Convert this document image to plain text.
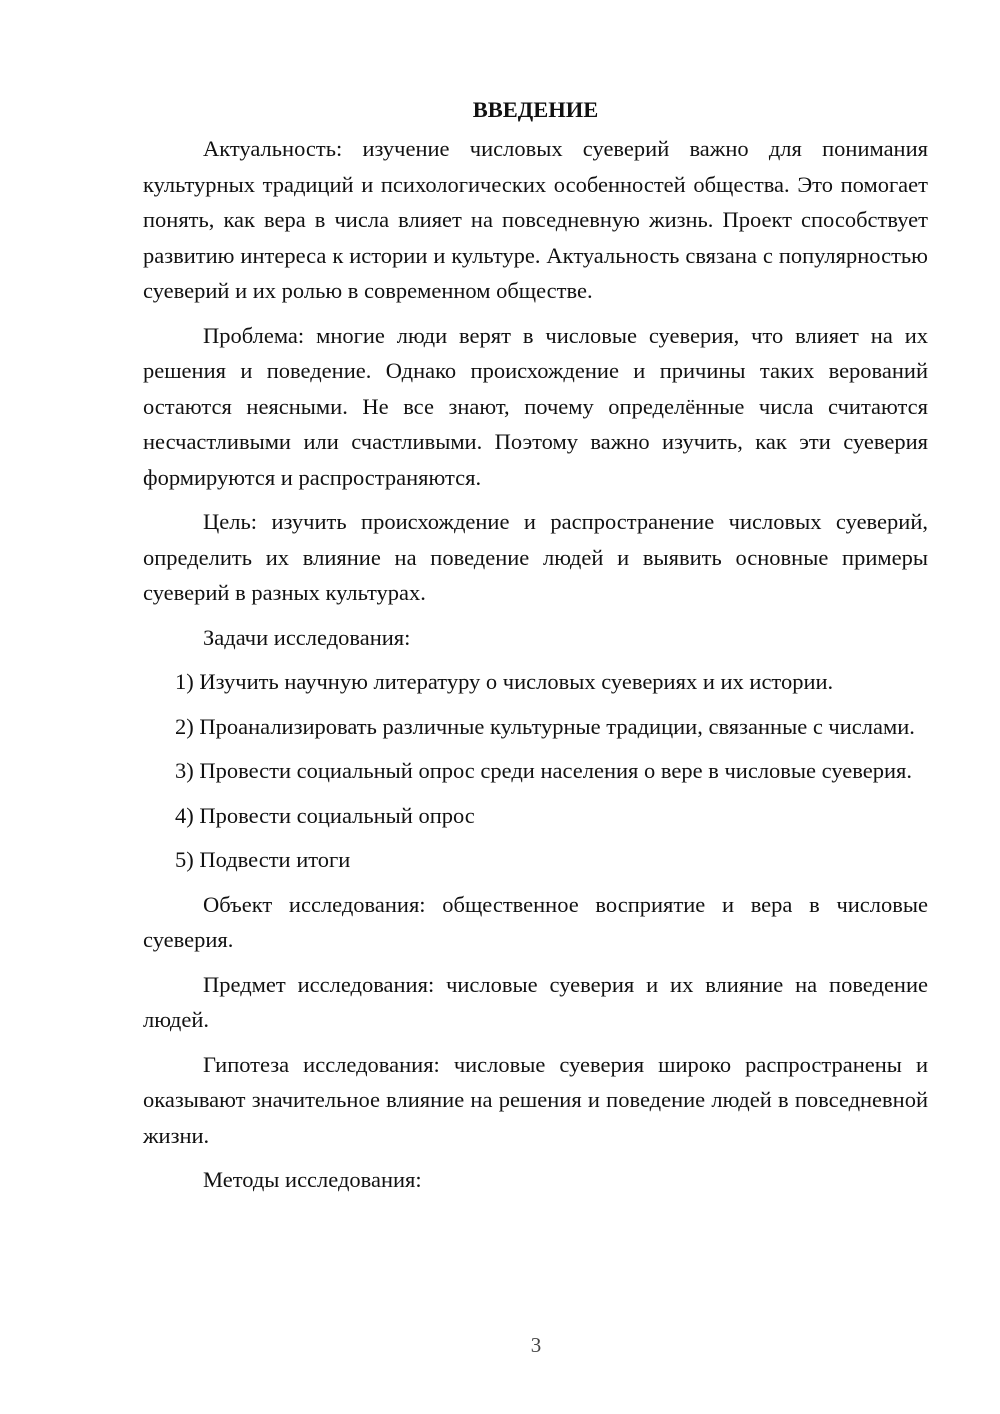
ВВЕДЕНИЕ

Актуальность: изучение числовых суеверий важно для понимания культурных традиций и психологических особенностей общества. Это помогает понять, как вера в числа влияет на повседневную жизнь. Проект способствует развитию интереса к истории и культуре. Актуальность связана с популярностью суеверий и их ролью в современном обществе.

Проблема: многие люди верят в числовые суеверия, что влияет на их решения и поведение. Однако происхождение и причины таких верований остаются неясными. Не все знают, почему определённые числа считаются несчастливыми или счастливыми. Поэтому важно изучить, как эти суеверия формируются и распространяются.

Цель: изучить происхождение и распространение числовых суеверий, определить их влияние на поведение людей и выявить основные примеры суеверий в разных культурах.

Задачи исследования:

1) Изучить научную литературу о числовых суевериях и их истории.

2) Проанализировать различные культурные традиции, связанные с числами.

3) Провести социальный опрос среди населения о вере в числовые суеверия.

4) Провести социальный опрос

5) Подвести итоги

Объект исследования: общественное восприятие и вера в числовые суеверия.

Предмет исследования: числовые суеверия и их влияние на поведение людей.

Гипотеза исследования: числовые суеверия широко распространены и оказывают значительное влияние на решения и поведение людей в повседневной жизни.

Методы исследования:

3
